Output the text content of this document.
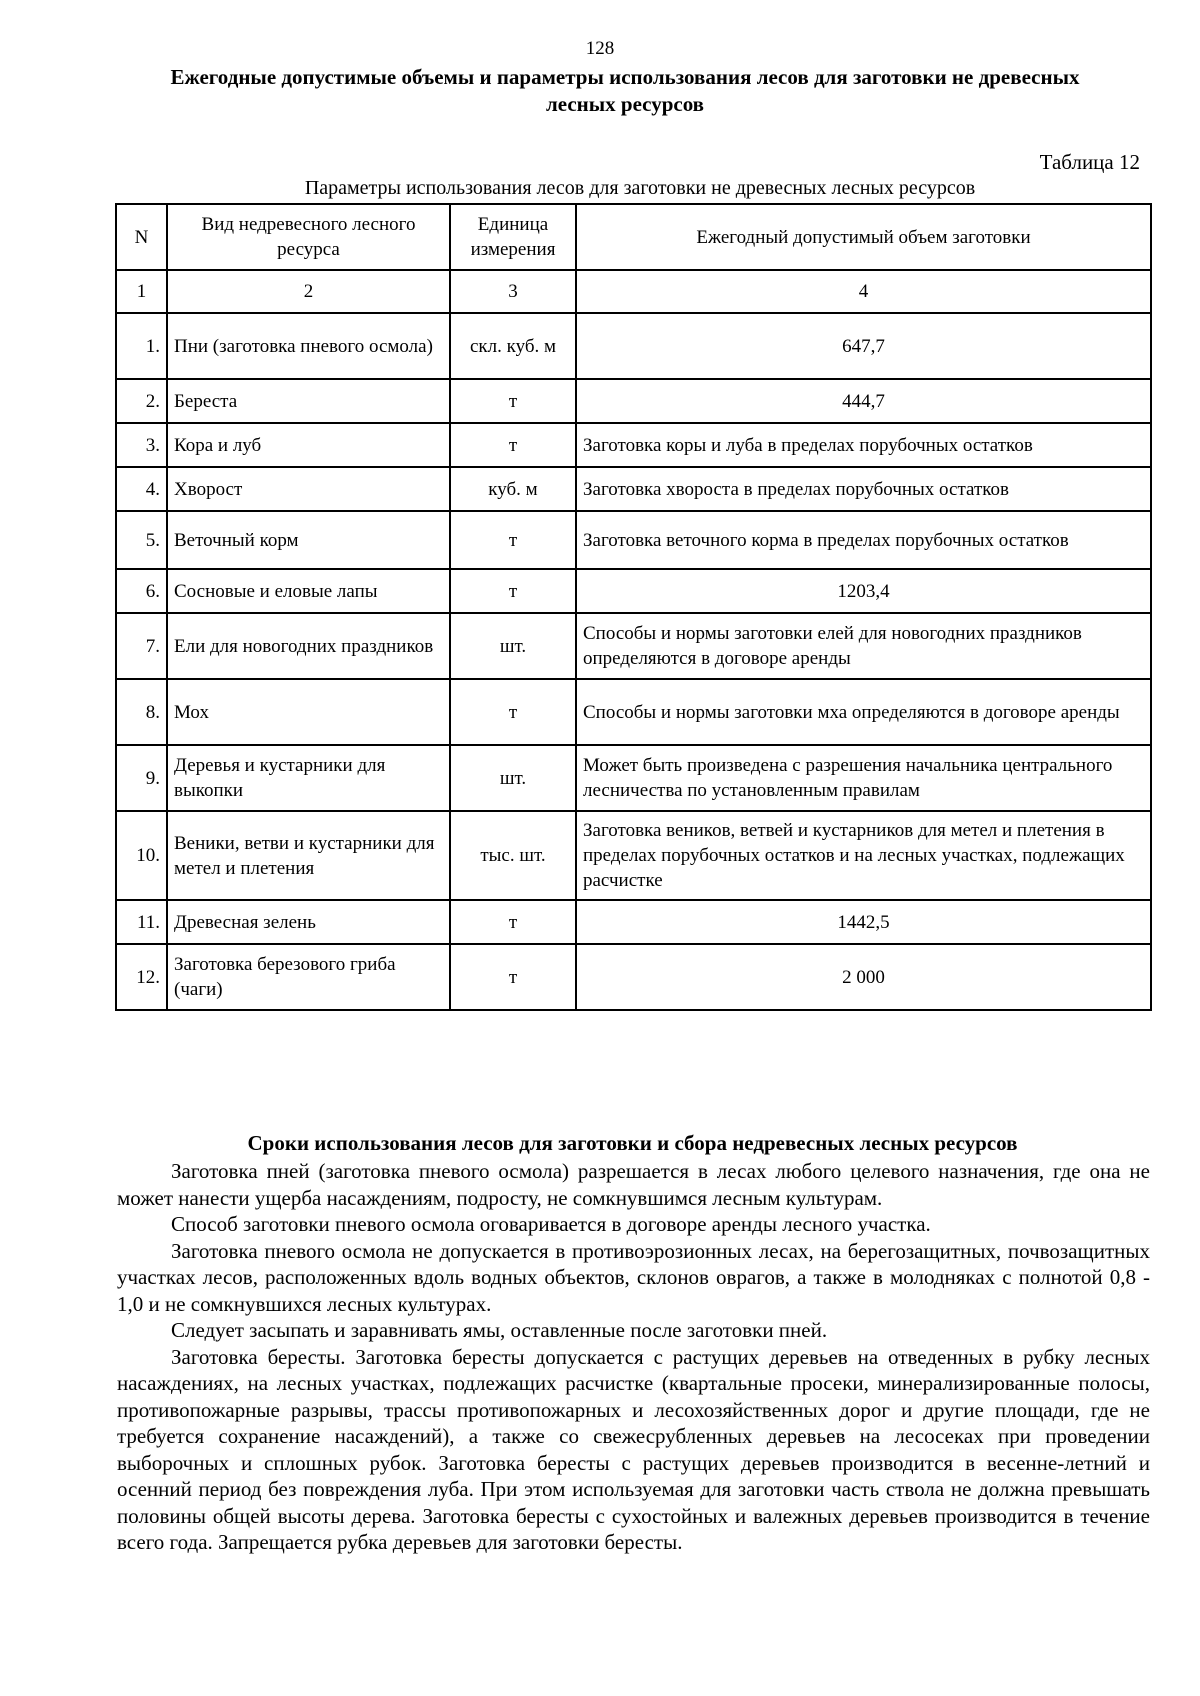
128
Ежегодные допустимые объемы и параметры использования лесов для заготовки не древесных лесных ресурсов
Таблица 12
Параметры использования лесов для заготовки не древесных лесных ресурсов
N	Вид недревесного лесного ресурса	Единица измерения	Ежегодный допустимый объем заготовки
1	2	3	4
1.	Пни (заготовка пневого осмола)	скл. куб. м	647,7
2.	Береста	т	444,7
3.	Кора и луб	т	Заготовка коры и луба в пределах порубочных остатков
4.	Хворост	куб. м	Заготовка хвороста в пределах порубочных остатков
5.	Веточный корм	т	Заготовка веточного корма в пределах порубочных остатков
6.	Сосновые и еловые лапы	т	1203,4
7.	Ели для новогодних праздников	шт.	Способы и нормы заготовки елей для новогодних праздников определяются в договоре аренды
8.	Мох	т	Способы и нормы заготовки мха определяются в договоре аренды
9.	Деревья и кустарники для выкопки	шт.	Может быть произведена с разрешения начальника центрального лесничества по установленным правилам
10.	Веники, ветви и кустарники для метел и плетения	тыс. шт.	Заготовка веников, ветвей и кустарников для метел и плетения в пределах порубочных остатков и на лесных участках, подлежащих расчистке
11.	Древесная зелень	т	1442,5
12.	Заготовка березового гриба (чаги)	т	2 000
Сроки использования лесов для заготовки и сбора недревесных лесных ресурсов

Заготовка пней (заготовка пневого осмола) разрешается в лесах любого целевого назначения, где она не может нанести ущерба насаждениям, подросту, не сомкнувшимся лесным культурам.

Способ заготовки пневого осмола оговаривается в договоре аренды лесного участка.

Заготовка пневого осмола не допускается в противоэрозионных лесах, на берегозащитных, почвозащитных участках лесов, расположенных вдоль водных объектов, склонов оврагов, а также в молодняках с полнотой 0,8 - 1,0 и не сомкнувшихся лесных культурах.

Следует засыпать и заравнивать ямы, оставленные после заготовки пней.

Заготовка бересты. Заготовка бересты допускается с растущих деревьев на отведенных в рубку лесных насаждениях, на лесных участках, подлежащих расчистке (квартальные просеки, минерализированные полосы, противопожарные разрывы, трассы противопожарных и лесохозяйственных дорог и другие площади, где не требуется сохранение насаждений), а также со свежесрубленных деревьев на лесосеках при проведении выборочных и сплошных рубок. Заготовка бересты с растущих деревьев производится в весенне-летний и осенний период без повреждения луба. При этом используемая для заготовки часть ствола не должна превышать половины общей высоты дерева. Заготовка бересты с сухостойных и валежных деревьев производится в течение всего года. Запрещается рубка деревьев для заготовки бересты.
